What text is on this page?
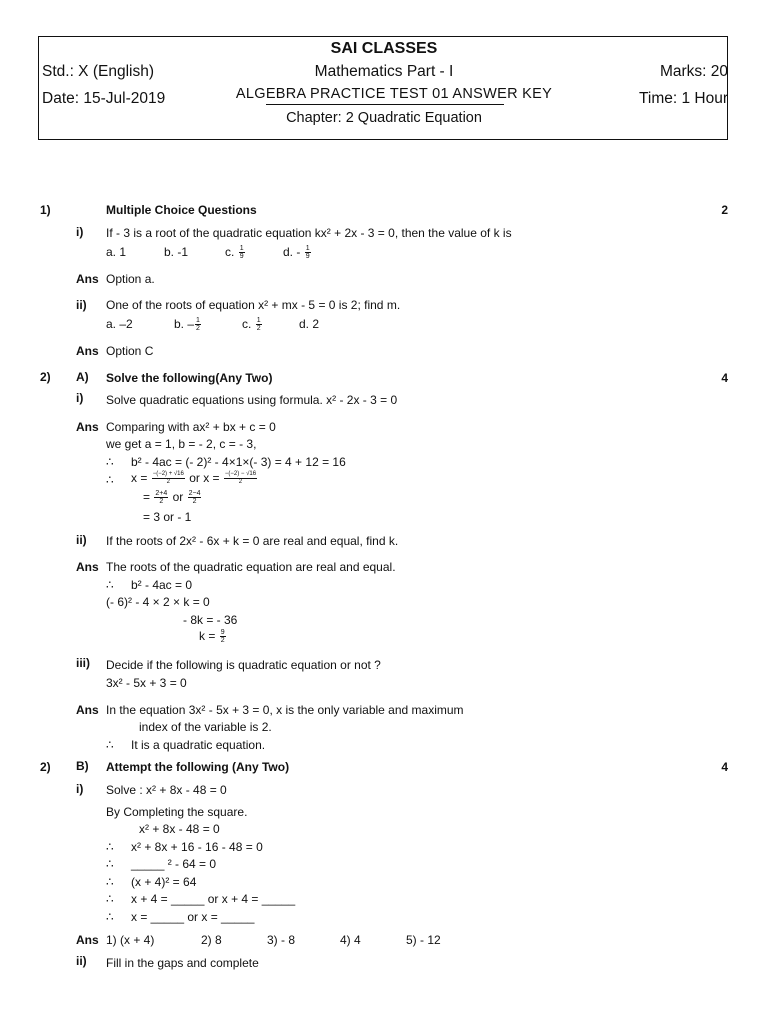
SAI CLASSES
Std.: X (English)	Mathematics Part - I	Marks: 20
Date: 15-Jul-2019	ALGEBRA PRACTICE TEST 01 ANSWER KEY	Time: 1 Hour
Chapter: 2 Quadratic Equation
1)	Multiple Choice Questions	2
i) If - 3 is a root of the quadratic equation kx² + 2x - 3 = 0, then the value of k is
a. 1	b. -1	c. $\frac{1}{9}$	d. - $\frac{1}{9}$
Ans Option a.
ii) One of the roots of equation x² + mx - 5 = 0 is 2; find m.
a. –2	b. – $\frac{1}{2}$	c. $\frac{1}{2}$	d. 2
Ans Option C
2) A) Solve the following(Any Two)	4
i) Solve quadratic equations using formula. x² - 2x - 3 = 0
Ans Comparing with ax² + bx + c = 0
we get a = 1, b = - 2, c = - 3,
∴ b² - 4ac = (- 2)² - 4×1×(- 3) = 4 + 12 = 16
∴ $x = \frac{-(-2) + √16}{2}$ or $x = \frac{-(-2) - √16}{2}$
= $\frac{2+4}{2}$ or $\frac{2-4}{2}$
= 3 or - 1
ii) If the roots of 2x² - 6x + k = 0 are real and equal, find k.
Ans The roots of the quadratic equation are real and equal.
∴ b² - 4ac = 0
(- 6)² - 4 × 2 × k = 0
- 8k = - 36
$k = \frac{9}{2}$
iii) Decide if the following is quadratic equation or not ?
3x² - 5x + 3 = 0
Ans In the equation 3x² - 5x + 3 = 0, x is the only variable and maximum
index of the variable is 2.
∴ It is a quadratic equation.
2) B) Attempt the following (Any Two)	4
i) Solve : x² + 8x - 48 = 0
By Completing the square.
x² + 8x - 48 = 0
∴ x² + 8x + 16 - 16 - 48 = 0
∴ _____ ² - 64 = 0
∴ (x + 4)² = 64
∴ x + 4 = _____ or x + 4 = _____
∴ x = _____ or x = _____
Ans 1) (x + 4)	2) 8	3) - 8	4) 4	5) - 12
ii) Fill in the gaps and complete
